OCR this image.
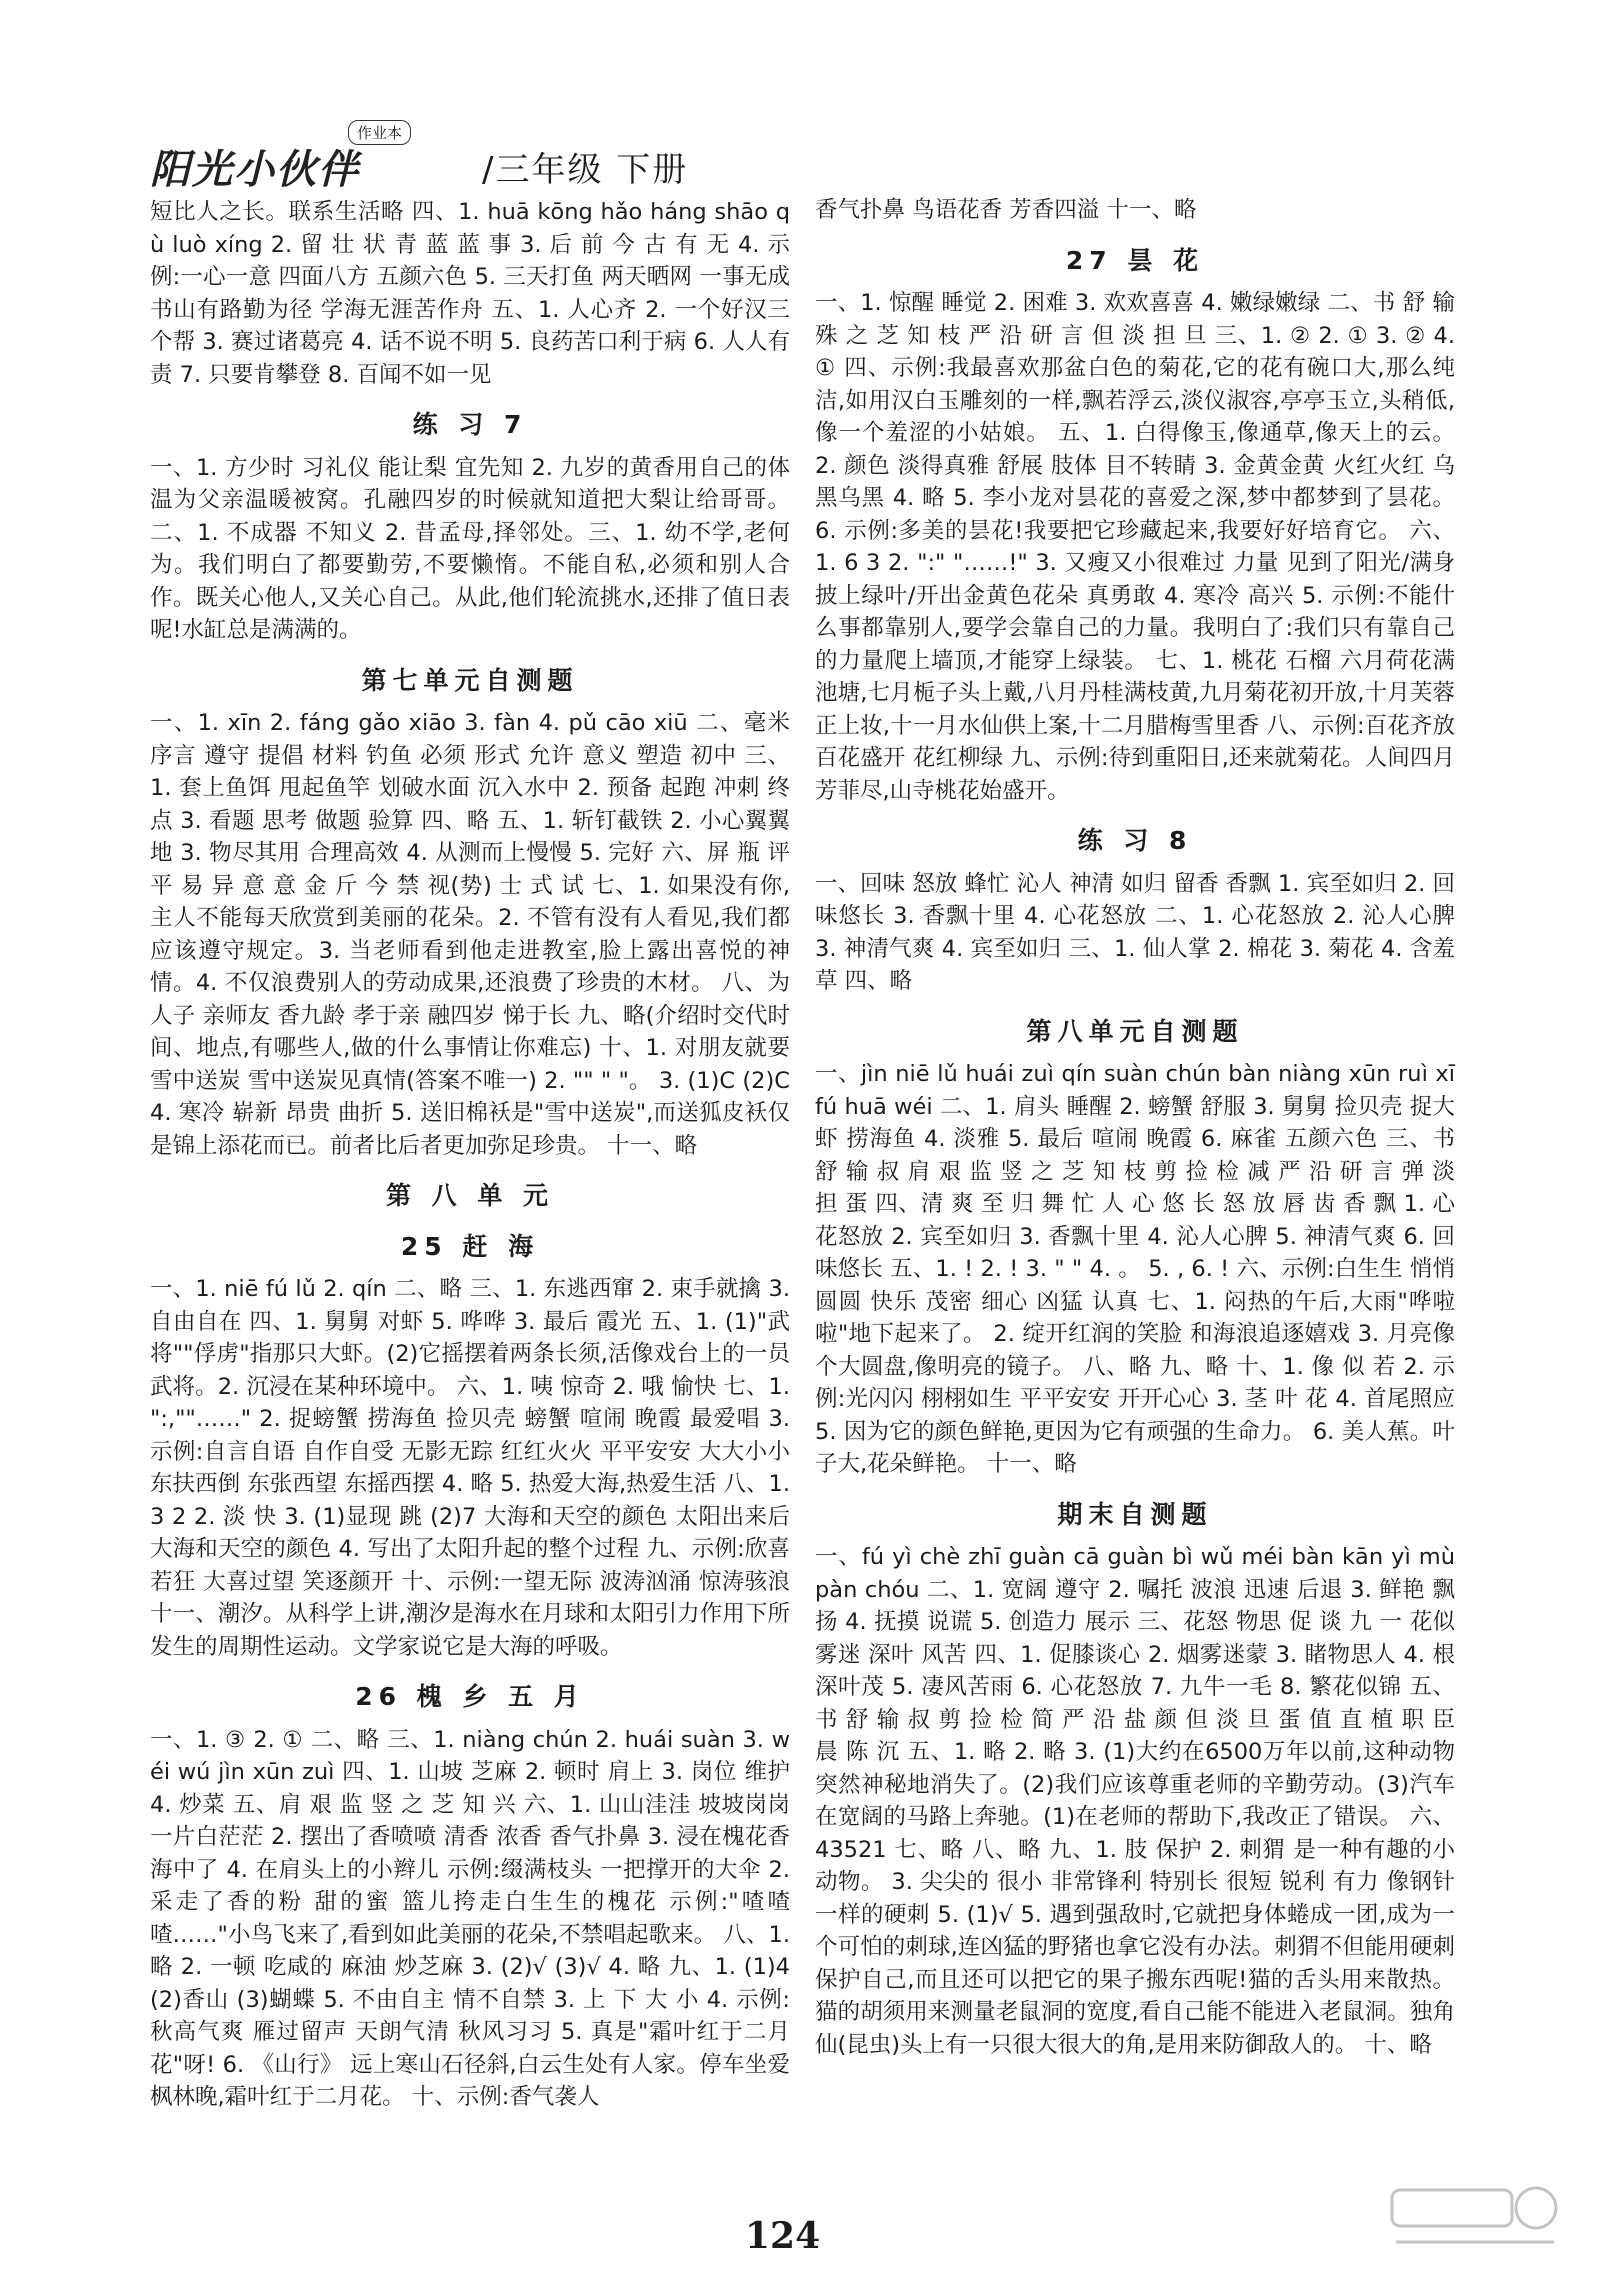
阳光小伙伴
作业本
/三年级 下册
短比人之长。联系生活略 四、1. huā kōng hǎo háng shāo qù luò xíng 2. 留 壮 状 青 蓝 蓝 事 3. 后 前 今 古 有 无 4. 示例:一心一意 四面八方 五颜六色 5. 三天打鱼 两天晒网 一事无成 书山有路勤为径 学海无涯苦作舟 五、1. 人心齐 2. 一个好汉三个帮 3. 赛过诸葛亮 4. 话不说不明 5. 良药苦口利于病 6. 人人有责 7. 只要肯攀登 8. 百闻不如一见
练 习 7
一、1. 方少时 习礼仪 能让梨 宜先知 2. 九岁的黄香用自己的体温为父亲温暖被窝。孔融四岁的时候就知道把大梨让给哥哥。二、1. 不成器 不知义 2. 昔孟母,择邻处。三、1. 幼不学,老何为。我们明白了都要勤劳,不要懒惰。不能自私,必须和别人合作。既关心他人,又关心自己。从此,他们轮流挑水,还排了值日表呢!水缸总是满满的。
第七单元自测题
一、1. xīn 2. fáng gǎo xiāo 3. fàn 4. pǔ cāo xiū 二、毫米 序言 遵守 提倡 材料 钓鱼 必须 形式 允许 意义 塑造 初中 三、1. 套上鱼饵 甩起鱼竿 划破水面 沉入水中 2. 预备 起跑 冲刺 终点 3. 看题 思考 做题 验算 四、略 五、1. 斩钉截铁 2. 小心翼翼地 3. 物尽其用 合理高效 4. 从测而上慢慢 5. 完好 六、屏 瓶 评 平 易 异 意 意 金 斤 今 禁 视(势) 士 式 试 七、1. 如果没有你,主人不能每天欣赏到美丽的花朵。2. 不管有没有人看见,我们都应该遵守规定。3. 当老师看到他走进教室,脸上露出喜悦的神情。4. 不仅浪费别人的劳动成果,还浪费了珍贵的木材。 八、为人子 亲师友 香九龄 孝于亲 融四岁 悌于长 九、略(介绍时交代时间、地点,有哪些人,做的什么事情让你难忘) 十、1. 对朋友就要雪中送炭 雪中送炭见真情(答案不唯一) 2. "" " "。 3. (1)C (2)C 4. 寒冷 崭新 昂贵 曲折 5. 送旧棉袄是"雪中送炭",而送狐皮袄仅是锦上添花而已。前者比后者更加弥足珍贵。 十一、略
第 八 单 元
25 赶 海
一、1. niē fú lǔ 2. qín 二、略 三、1. 东逃西窜 2. 束手就擒 3. 自由自在 四、1. 舅舅 对虾 5. 哗哗 3. 最后 霞光 五、1. (1)"武将""俘虏"指那只大虾。(2)它摇摆着两条长须,活像戏台上的一员武将。2. 沉浸在某种环境中。 六、1. 咦 惊奇 2. 哦 愉快 七、1. ":,""……" 2. 捉螃蟹 捞海鱼 捡贝壳 螃蟹 喧闹 晚霞 最爱唱 3. 示例:自言自语 自作自受 无影无踪 红红火火 平平安安 大大小小 东扶西倒 东张西望 东摇西摆 4. 略 5. 热爱大海,热爱生活 八、1. 3 2 2. 淡 快 3. (1)显现 跳 (2)7 大海和天空的颜色 太阳出来后大海和天空的颜色 4. 写出了太阳升起的整个过程 九、示例:欣喜若狂 大喜过望 笑逐颜开 十、示例:一望无际 波涛汹涌 惊涛骇浪 十一、潮汐。从科学上讲,潮汐是海水在月球和太阳引力作用下所发生的周期性运动。文学家说它是大海的呼吸。
26 槐 乡 五 月
一、1. ③ 2. ① 二、略 三、1. niàng chún 2. huái suàn 3. wéi wú jìn xūn zuì 四、1. 山坡 芝麻 2. 顿时 肩上 3. 岗位 维护 4. 炒菜 五、肩 艰 监 竖 之 芝 知 兴 六、1. 山山洼洼 坡坡岗岗 一片白茫茫 2. 摆出了香喷喷 清香 浓香 香气扑鼻 3. 浸在槐花香海中了 4. 在肩头上的小辫儿 示例:缀满枝头 一把撑开的大伞 2. 采走了香的粉 甜的蜜 篮儿挎走白生生的槐花 示例:"喳喳喳……"小鸟飞来了,看到如此美丽的花朵,不禁唱起歌来。 八、1. 略 2. 一顿 吃咸的 麻油 炒芝麻 3. (2)√ (3)√ 4. 略 九、1. (1)4 (2)香山 (3)蝴蝶 5. 不由自主 情不自禁 3. 上 下 大 小 4. 示例:秋高气爽 雁过留声 天朗气清 秋风习习 5. 真是"霜叶红于二月花"呀! 6. 《山行》 远上寒山石径斜,白云生处有人家。停车坐爱枫林晚,霜叶红于二月花。 十、示例:香气袭人
香气扑鼻 鸟语花香 芳香四溢 十一、略
27 昙 花
一、1. 惊醒 睡觉 2. 困难 3. 欢欢喜喜 4. 嫩绿嫩绿 二、书 舒 输 殊 之 芝 知 枝 严 沿 研 言 但 淡 担 旦 三、1. ② 2. ① 3. ② 4. ① 四、示例:我最喜欢那盆白色的菊花,它的花有碗口大,那么纯洁,如用汉白玉雕刻的一样,飘若浮云,淡仪淑容,亭亭玉立,头稍低,像一个羞涩的小姑娘。 五、1. 白得像玉,像通草,像天上的云。 2. 颜色 淡得真雅 舒展 肢体 目不转睛 3. 金黄金黄 火红火红 乌黑乌黑 4. 略 5. 李小龙对昙花的喜爱之深,梦中都梦到了昙花。 6. 示例:多美的昙花!我要把它珍藏起来,我要好好培育它。 六、1. 6 3 2. ":" "……!" 3. 又瘦又小很难过 力量 见到了阳光/满身披上绿叶/开出金黄色花朵 真勇敢 4. 寒冷 高兴 5. 示例:不能什么事都靠别人,要学会靠自己的力量。我明白了:我们只有靠自己的力量爬上墙顶,才能穿上绿装。 七、1. 桃花 石榴 六月荷花满池塘,七月栀子头上戴,八月丹桂满枝黄,九月菊花初开放,十月芙蓉正上妆,十一月水仙供上案,十二月腊梅雪里香 八、示例:百花齐放 百花盛开 花红柳绿 九、示例:待到重阳日,还来就菊花。人间四月芳菲尽,山寺桃花始盛开。
练 习 8
一、回味 怒放 蜂忙 沁人 神清 如归 留香 香飘 1. 宾至如归 2. 回味悠长 3. 香飘十里 4. 心花怒放 二、1. 心花怒放 2. 沁人心脾 3. 神清气爽 4. 宾至如归 三、1. 仙人掌 2. 棉花 3. 菊花 4. 含羞草 四、略
第八单元自测题
一、jìn niē lǔ huái zuì qín suàn chún bàn niàng xūn ruì xī fú huā wéi 二、1. 肩头 睡醒 2. 螃蟹 舒服 3. 舅舅 捡贝壳 捉大虾 捞海鱼 4. 淡雅 5. 最后 喧闹 晚霞 6. 麻雀 五颜六色 三、书 舒 输 叔 肩 艰 监 竖 之 芝 知 枝 剪 捡 检 减 严 沿 研 言 弹 淡 担 蛋 四、清 爽 至 归 舞 忙 人 心 悠 长 怒 放 唇 齿 香 飘 1. 心花怒放 2. 宾至如归 3. 香飘十里 4. 沁人心脾 5. 神清气爽 6. 回味悠长 五、1. ! 2. ! 3. " " 4. 。 5. , 6. ! 六、示例:白生生 悄悄 圆圆 快乐 茂密 细心 凶猛 认真 七、1. 闷热的午后,大雨"哗啦啦"地下起来了。 2. 绽开红润的笑脸 和海浪追逐嬉戏 3. 月亮像个大圆盘,像明亮的镜子。 八、略 九、略 十、1. 像 似 若 2. 示例:光闪闪 栩栩如生 平平安安 开开心心 3. 茎 叶 花 4. 首尾照应 5. 因为它的颜色鲜艳,更因为它有顽强的生命力。 6. 美人蕉。叶子大,花朵鲜艳。 十一、略
期末自测题
一、fú yì chè zhī guàn cā guàn bì wǔ méi bàn kān yì mù pàn chóu 二、1. 宽阔 遵守 2. 嘱托 波浪 迅速 后退 3. 鲜艳 飘扬 4. 抚摸 说谎 5. 创造力 展示 三、花怒 物思 促 谈 九 一 花似 雾迷 深叶 风苦 四、1. 促膝谈心 2. 烟雾迷蒙 3. 睹物思人 4. 根深叶茂 5. 凄风苦雨 6. 心花怒放 7. 九牛一毛 8. 繁花似锦 五、书 舒 输 叔 剪 捡 检 简 严 沿 盐 颜 但 淡 旦 蛋 值 直 植 职 臣 晨 陈 沉 五、1. 略 2. 略 3. (1)大约在6500万年以前,这种动物突然神秘地消失了。(2)我们应该尊重老师的辛勤劳动。(3)汽车在宽阔的马路上奔驰。(1)在老师的帮助下,我改正了错误。 六、43521 七、略 八、略 九、1. 肢 保护 2. 刺猬 是一种有趣的小动物。 3. 尖尖的 很小 非常锋利 特别长 很短 锐利 有力 像钢针一样的硬刺 5. (1)√ 5. 遇到强敌时,它就把身体蜷成一团,成为一个可怕的刺球,连凶猛的野猪也拿它没有办法。刺猬不但能用硬刺保护自己,而且还可以把它的果子搬东西呢!猫的舌头用来散热。猫的胡须用来测量老鼠洞的宽度,看自己能不能进入老鼠洞。独角仙(昆虫)头上有一只很大很大的角,是用来防御敌人的。 十、略
124
